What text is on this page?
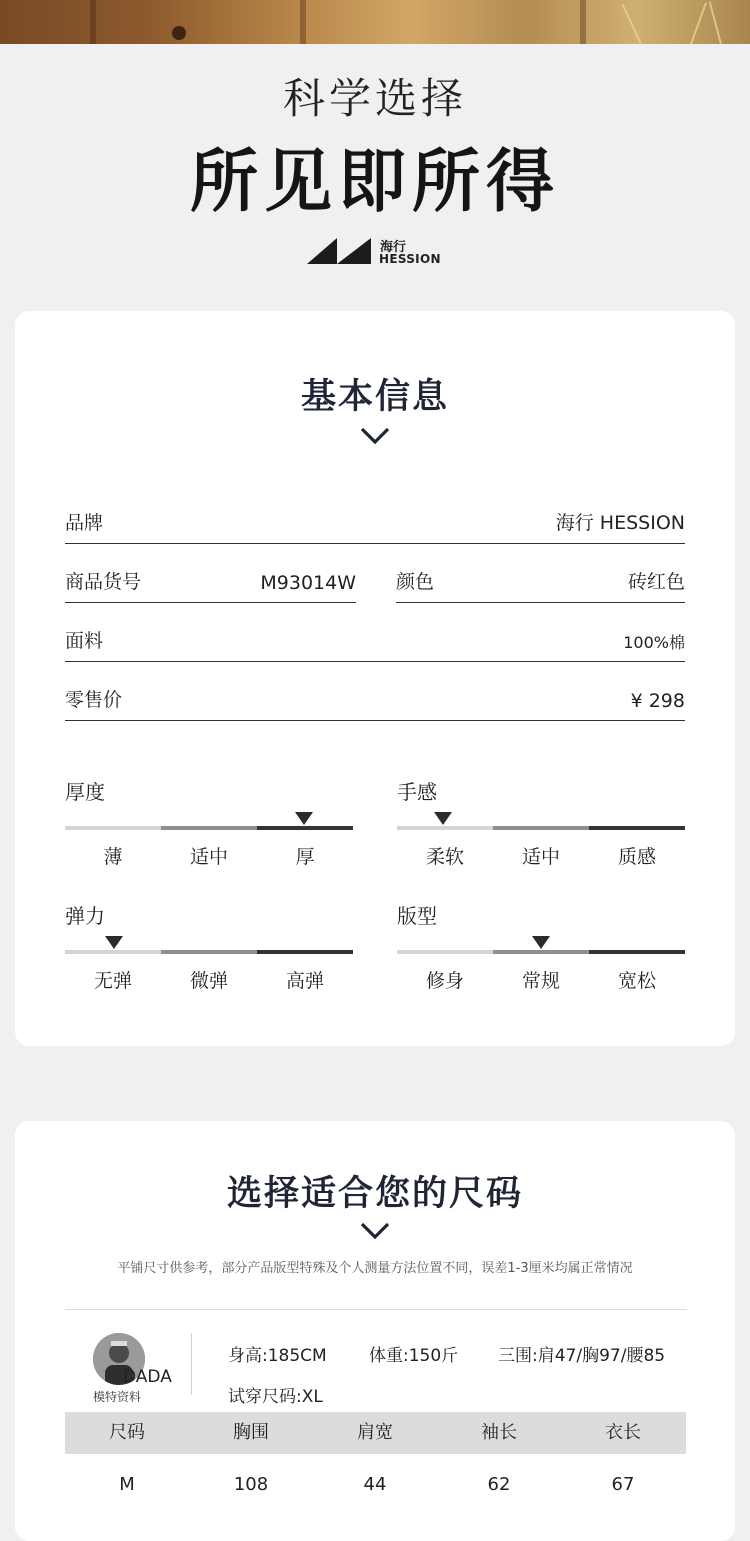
科学选择
所见即所得
海行
HESSION
基本信息
品牌	海行 HESSION
商品货号	M93014W 颜色	砖红色
面料	100%棉
零售价	¥ 298
厚度
薄	适中	厚
手感
柔软	适中	质感
弹力
无弹	微弹	高弹
版型
修身	常规	宽松
选择适合您的尺码
平铺尺寸供参考，部分产品版型特殊及个人测量方法位置不同，误差1-3厘米均属正常情况
DADA
模特资料
身高:185CM 体重:150斤 三围:肩47/胸97/腰85
试穿尺码:XL
尺码	胸围	肩宽	袖长	衣长
M	108	44	62	67
